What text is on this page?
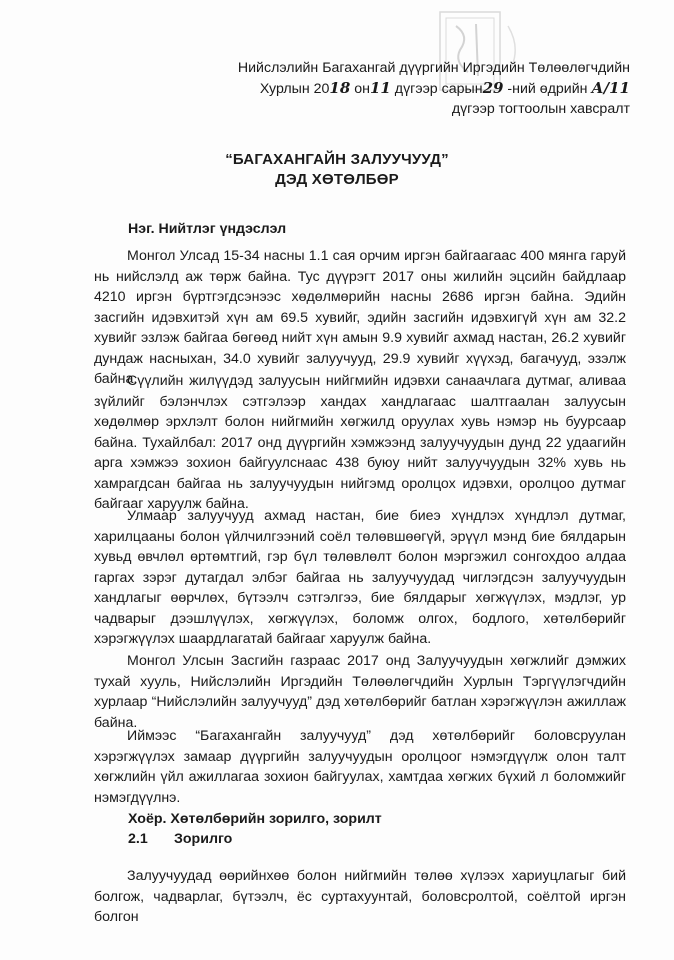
Нийслэлийн Багахангай дүүргийн Иргэдийн Төлөөлөгчдийн
Хурлын 2018 он11 дүгээр сарын29 -ний өдрийн А/11
дүгээр тогтоолын хавсралт
“БАГАХАНГАЙН ЗАЛУУЧУУД”
ДЭД ХӨТӨЛБӨР
Нэг. Нийтлэг үндэслэл
Монгол Улсад 15-34 насны 1.1 сая орчим иргэн байгаагаас 400 мянга гаруй нь нийслэлд аж төрж байна. Тус дүүрэгт 2017 оны жилийн эцсийн байдлаар 4210 иргэн бүртгэгдсэнээс хөдөлмөрийн насны 2686 иргэн байна. Эдийн засгийн идэвхитэй хүн ам 69.5 хувийг, эдийн засгийн идэвхигүй хүн ам 32.2 хувийг эзлэж байгаа бөгөөд нийт хүн амын 9.9 хувийг ахмад настан, 26.2 хувийг дундаж насныхан, 34.0 хувийг залуучууд, 29.9 хувийг хүүхэд, багачууд, эзэлж байна.
Сүүлийн жилүүдэд залуусын нийгмийн идэвхи санаачлага дутмаг, аливаа зүйлийг бэлэнчлэх сэтгэлээр хандах хандлагаас шалтгаалан залуусын хөдөлмөр эрхлэлт болон нийгмийн хөгжилд оруулах хувь нэмэр нь буурсаар байна. Тухайлбал: 2017 онд дүүргийн хэмжээнд залуучуудын дунд 22 удаагийн арга хэмжээ зохион байгуулснаас 438 буюу нийт залуучуудын 32% хувь нь хамрагдсан байгаа нь залуучуудын нийгэмд оролцох идэвхи, оролцоо дутмаг байгааг харуулж байна.
Улмаар залуучууд ахмад настан, бие биеэ хүндлэх хүндлэл дутмаг, харилцааны болон үйлчилгээний соёл төлөвшөөгүй, эрүүл мэнд бие бялдарын хувьд өвчлөл өртөмтгий, гэр бүл төлөвлөлт болон мэргэжил сонгохдоо алдаа гаргах зэрэг дутагдал элбэг байгаа нь залуучуудад чиглэгдсэн залуучуудын хандлагыг өөрчлөх, бүтээлч сэтгэлгээ, бие бялдарыг хөгжүүлэх, мэдлэг, ур чадварыг дээшлүүлэх, хөгжүүлэх, боломж олгох, бодлого, хөтөлбөрийг хэрэгжүүлэх шаардлагатай байгааг харуулж байна.
Монгол Улсын Засгийн газраас 2017 онд Залуучуудын хөгжлийг дэмжих тухай хууль, Нийслэлийн Иргэдийн Төлөөлөгчдийн Хурлын Тэргүүлэгчдийн хурлаар “Нийслэлийн залуучууд” дэд хөтөлбөрийг батлан хэрэгжүүлэн ажиллаж байна.
Иймээс “Багахангайн залуучууд” дэд хөтөлбөрийг боловсруулан хэрэгжүүлэх замаар дүүргийн залуучуудын оролцоог нэмэгдүүлж олон талт хөгжлийн үйл ажиллагаа зохион байгуулах, хамтдаа хөгжих бүхий л боломжийг нэмэгдүүлнэ.
Хоёр. Хөтөлбөрийн зорилго, зорилт
2.1 Зорилго
Залуучуудад өөрийнхөө болон нийгмийн төлөө хүлээх хариуцлагыг бий болгож, чадварлаг, бүтээлч, ёс суртахуунтай, боловсролтой, соёлтой иргэн болгон
